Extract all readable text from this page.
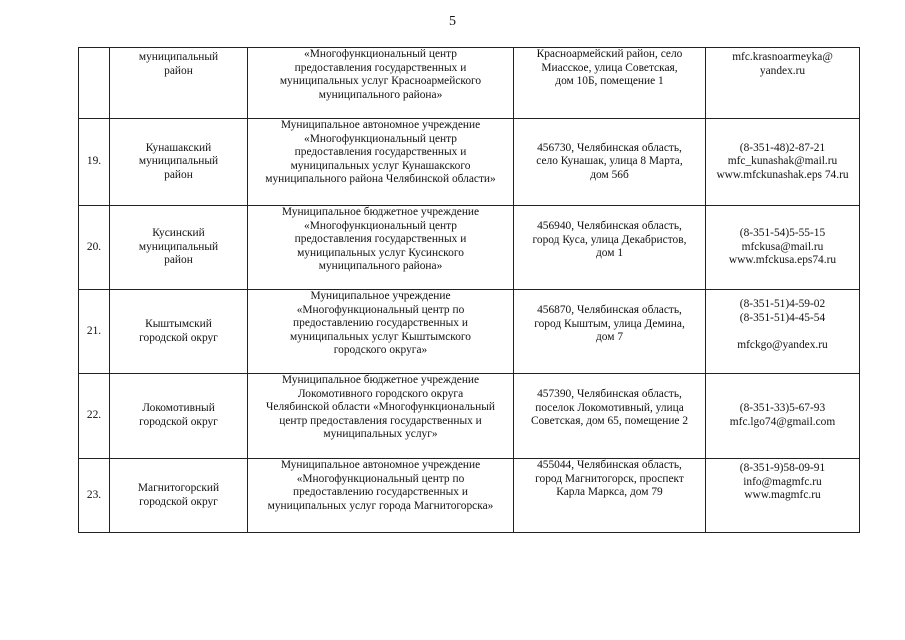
5

	муниципальный
район	«Многофункциональный центр
предоставления государственных и
муниципальных услуг Красноармейского
муниципального района»	Красноармейский район, село
Миасское, улица Советская,
дом 10Б, помещение 1	mfc.krasnoarmeyka@
yandex.ru

19.	Кунашакский
муниципальный
район	Муниципальное автономное учреждение
«Многофункциональный центр
предоставления государственных и
муниципальных услуг Кунашакского
муниципального района Челябинской области»	456730, Челябинская область,
село Кунашак, улица 8 Марта,
дом 56б	(8-351-48)2-87-21
mfc_kunashak@mail.ru
www.mfckunashak.eps 74.ru

20.	Кусинский
муниципальный
район	Муниципальное бюджетное учреждение
«Многофункциональный центр
предоставления государственных и
муниципальных услуг Кусинского
муниципального района»	456940, Челябинская область,
город Куса, улица Декабристов,
дом 1	(8-351-54)5-55-15
mfckusa@mail.ru
www.mfckusa.eps74.ru

21.	Кыштымский
городской округ	Муниципальное учреждение
«Многофункциональный центр по
предоставлению государственных и
муниципальных услуг Кыштымского
городского округа»	456870, Челябинская область,
город Кыштым, улица Демина,
дом 7	(8-351-51)4-59-02
(8-351-51)4-45-54
mfckgo@yandex.ru

22.	Локомотивный
городской округ	Муниципальное бюджетное учреждение
Локомотивного городского округа
Челябинской области «Многофункциональный
центр предоставления государственных и
муниципальных услуг»	457390, Челябинская область,
поселок Локомотивный, улица
Советская, дом 65, помещение 2	(8-351-33)5-67-93
mfc.lgo74@gmail.com

23.	Магнитогорский
городской округ	Муниципальное автономное учреждение
«Многофункциональный центр по
предоставлению государственных и
муниципальных услуг города Магнитогорска»	455044, Челябинская область,
город Магнитогорск, проспект
Карла Маркса, дом 79	(8-351-9)58-09-91
info@magmfc.ru
www.magmfc.ru
